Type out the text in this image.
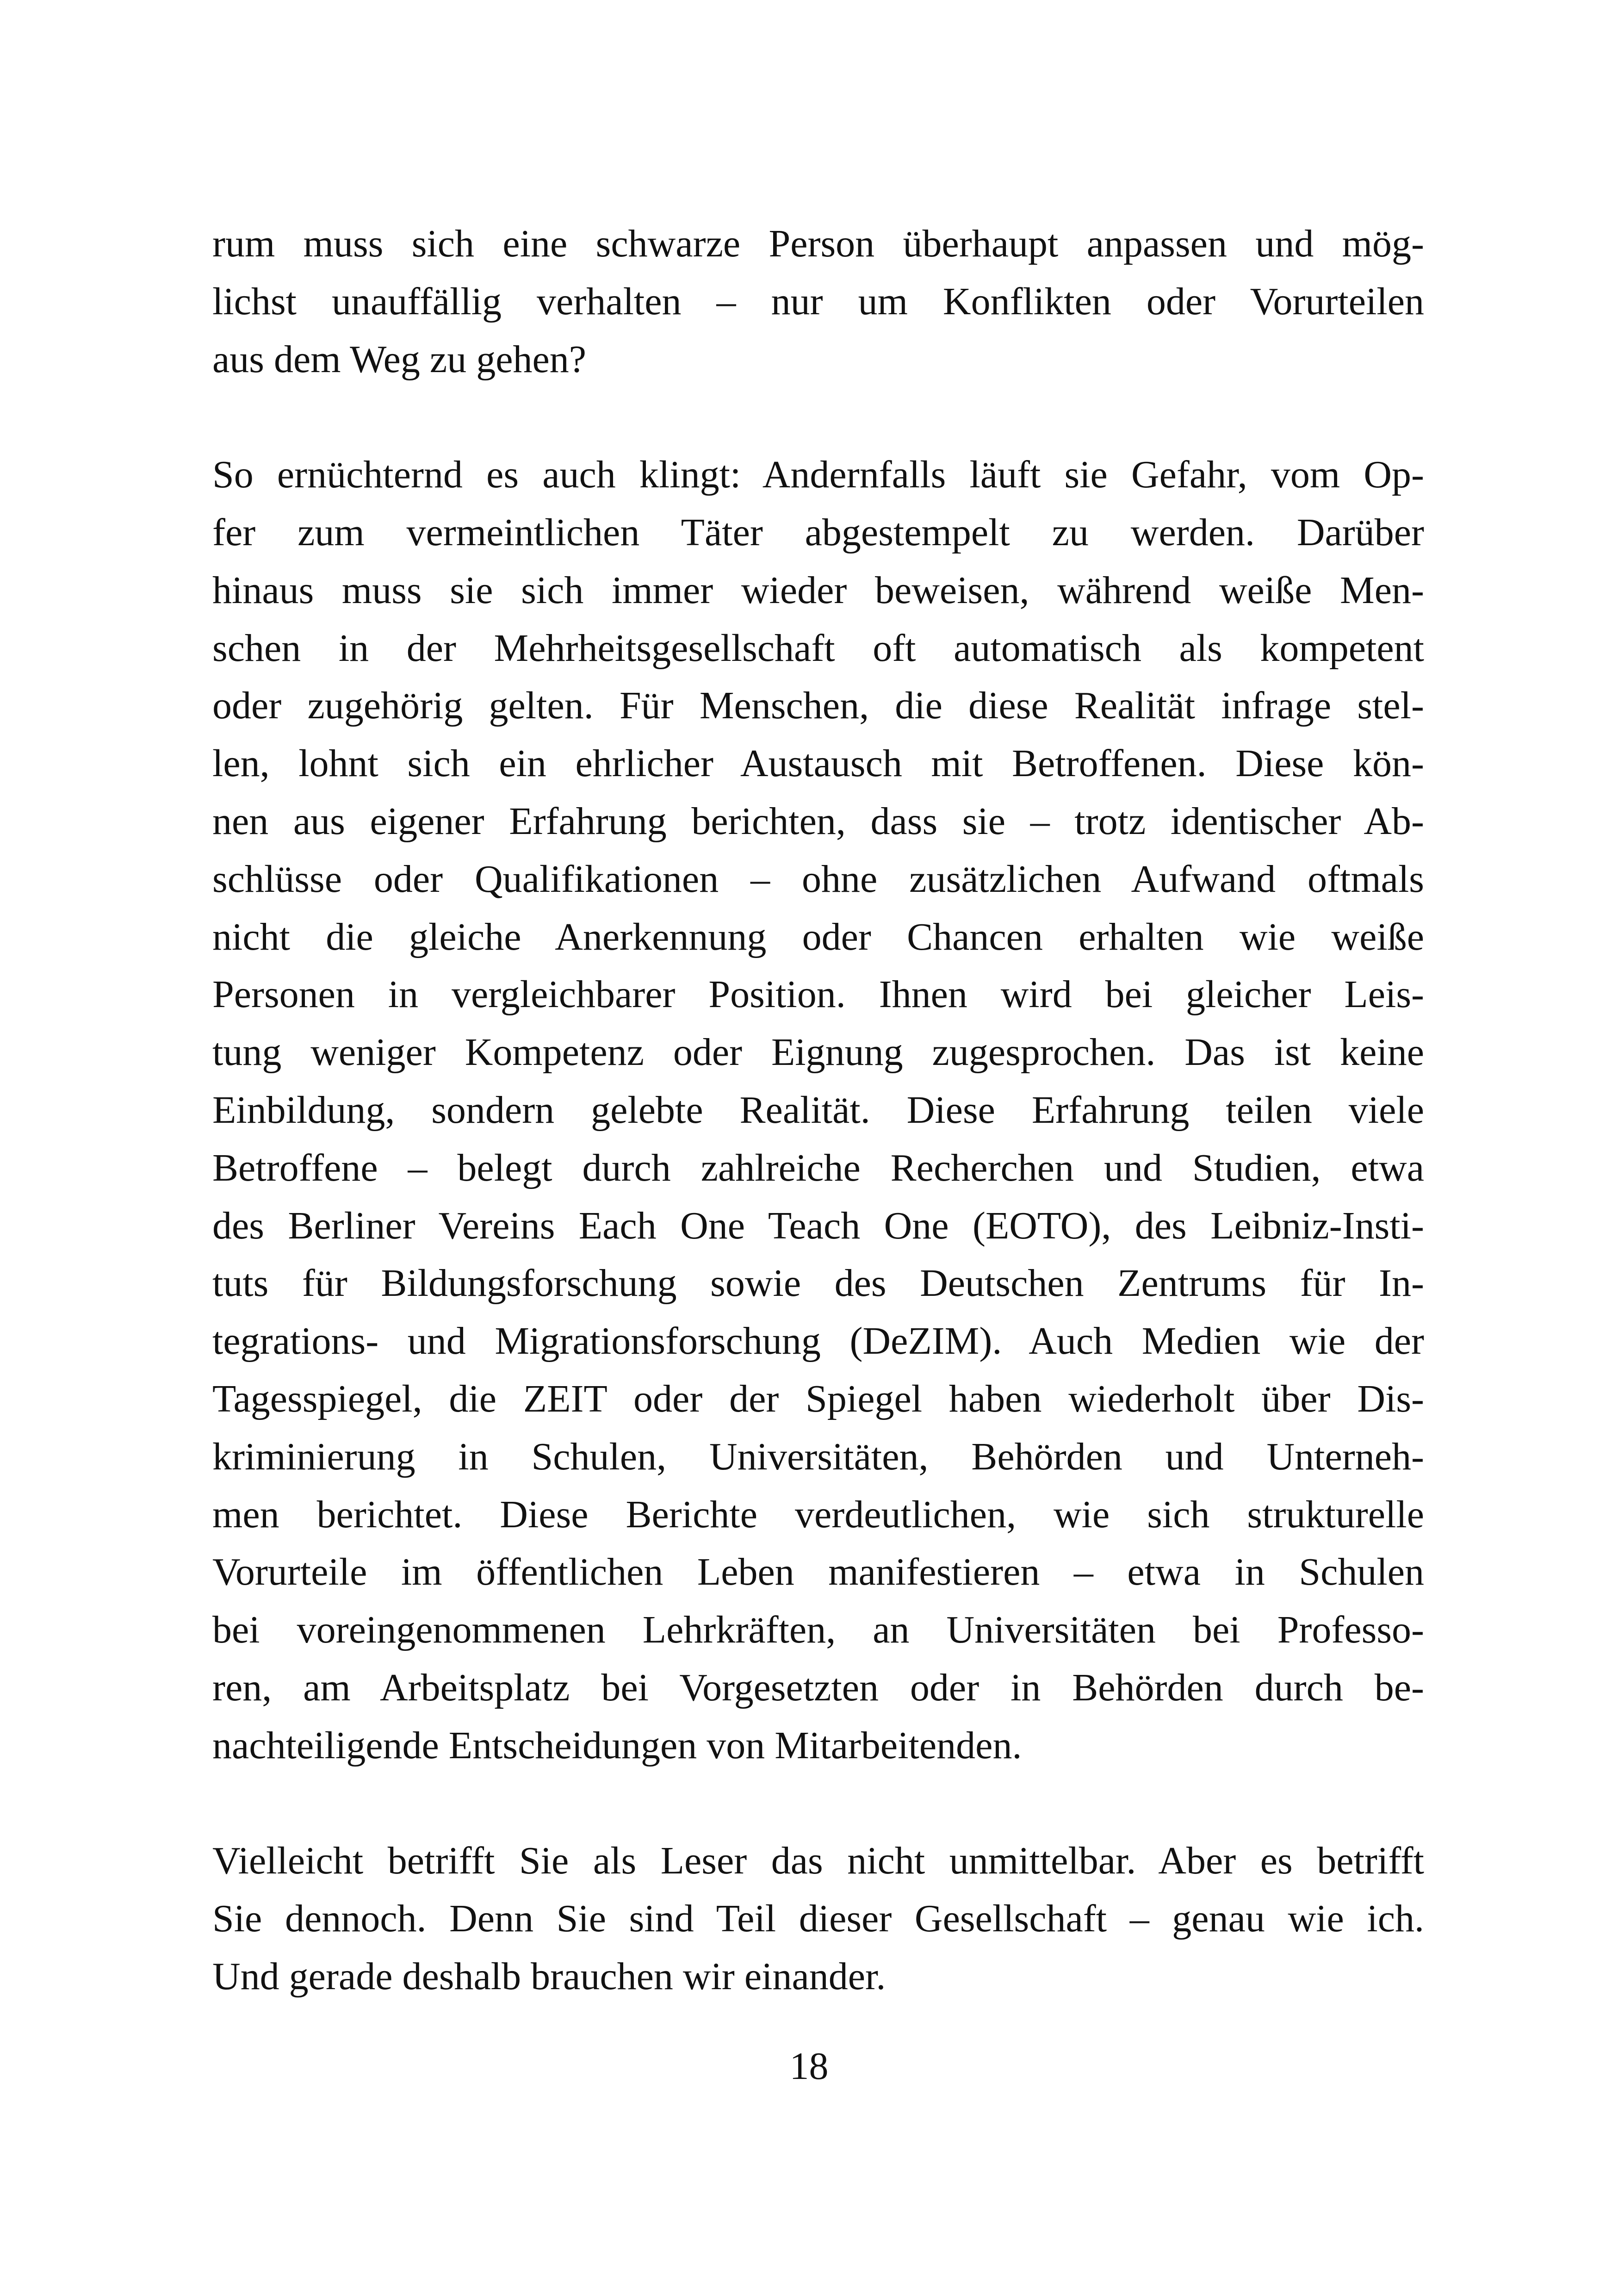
rum muss sich eine schwarze Person überhaupt anpassen und mög-
lichst unauffällig verhalten – nur um Konflikten oder Vorurteilen
aus dem Weg zu gehen?
So ernüchternd es auch klingt: Andernfalls läuft sie Gefahr, vom Op-
fer zum vermeintlichen Täter abgestempelt zu werden. Darüber
hinaus muss sie sich immer wieder beweisen, während weiße Men-
schen in der Mehrheitsgesellschaft oft automatisch als kompetent
oder zugehörig gelten. Für Menschen, die diese Realität infrage stel-
len, lohnt sich ein ehrlicher Austausch mit Betroffenen. Diese kön-
nen aus eigener Erfahrung berichten, dass sie – trotz identischer Ab-
schlüsse oder Qualifikationen – ohne zusätzlichen Aufwand oftmals
nicht die gleiche Anerkennung oder Chancen erhalten wie weiße
Personen in vergleichbarer Position. Ihnen wird bei gleicher Leis-
tung weniger Kompetenz oder Eignung zugesprochen. Das ist keine
Einbildung, sondern gelebte Realität. Diese Erfahrung teilen viele
Betroffene – belegt durch zahlreiche Recherchen und Studien, etwa
des Berliner Vereins Each One Teach One (EOTO), des Leibniz-Insti-
tuts für Bildungsforschung sowie des Deutschen Zentrums für In-
tegrations- und Migrationsforschung (DeZIM). Auch Medien wie der
Tagesspiegel, die ZEIT oder der Spiegel haben wiederholt über Dis-
kriminierung in Schulen, Universitäten, Behörden und Unterneh-
men berichtet. Diese Berichte verdeutlichen, wie sich strukturelle
Vorurteile im öffentlichen Leben manifestieren – etwa in Schulen
bei voreingenommenen Lehrkräften, an Universitäten bei Professo-
ren, am Arbeitsplatz bei Vorgesetzten oder in Behörden durch be-
nachteiligende Entscheidungen von Mitarbeitenden.
Vielleicht betrifft Sie als Leser das nicht unmittelbar. Aber es betrifft
Sie dennoch. Denn Sie sind Teil dieser Gesellschaft – genau wie ich.
Und gerade deshalb brauchen wir einander.
18
